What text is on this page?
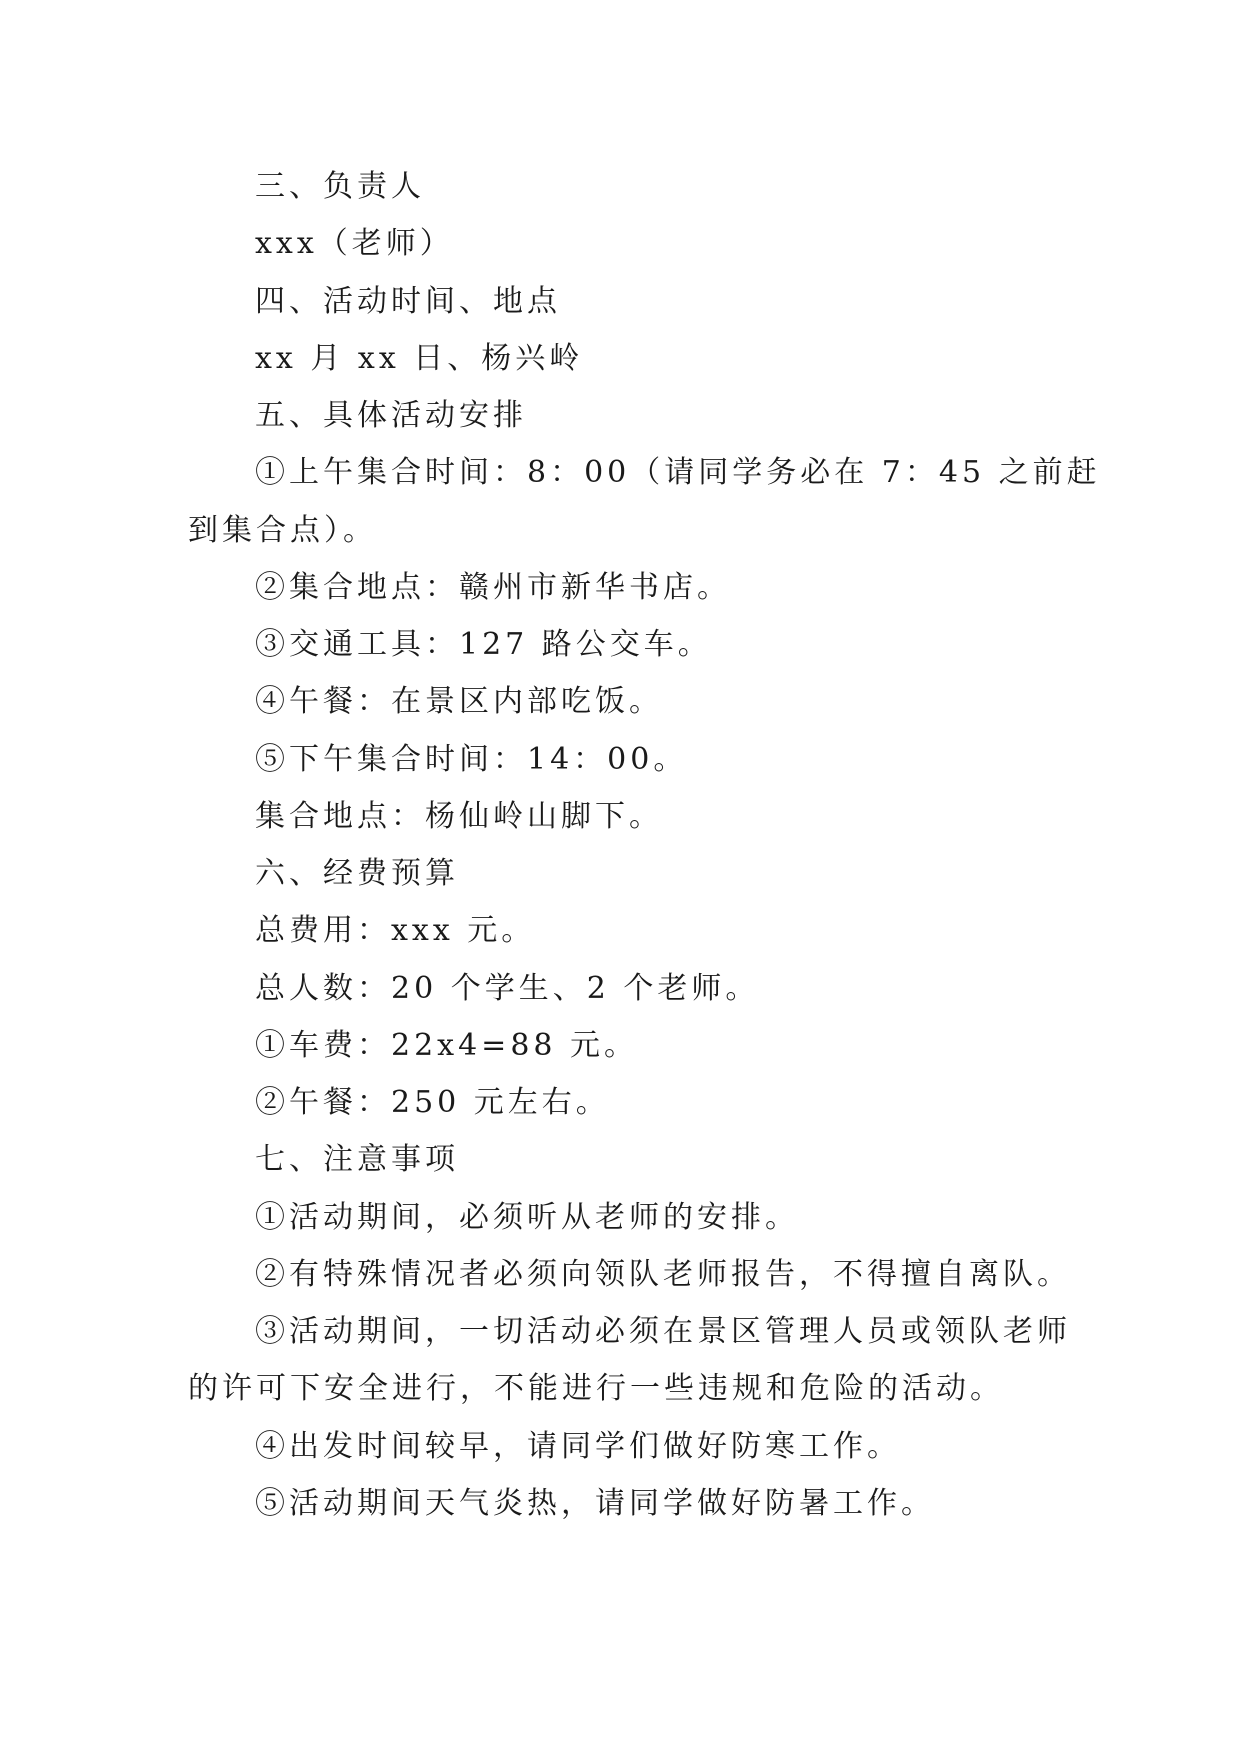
三、负责人
xxx（老师）
四、活动时间、地点
xx 月 xx 日、杨兴岭
五、具体活动安排
①上午集合时间：8：00（请同学务必在 7：45 之前赶
到集合点）。
②集合地点：赣州市新华书店。
③交通工具：127 路公交车。
④午餐：在景区内部吃饭。
⑤下午集合时间：14：00。
集合地点：杨仙岭山脚下。
六、经费预算
总费用：xxx 元。
总人数：20 个学生、2 个老师。
①车费：22x4=88 元。
②午餐：250 元左右。
七、注意事项
①活动期间，必须听从老师的安排。
②有特殊情况者必须向领队老师报告，不得擅自离队。
③活动期间，一切活动必须在景区管理人员或领队老师
的许可下安全进行，不能进行一些违规和危险的活动。
④出发时间较早，请同学们做好防寒工作。
⑤活动期间天气炎热，请同学做好防暑工作。
